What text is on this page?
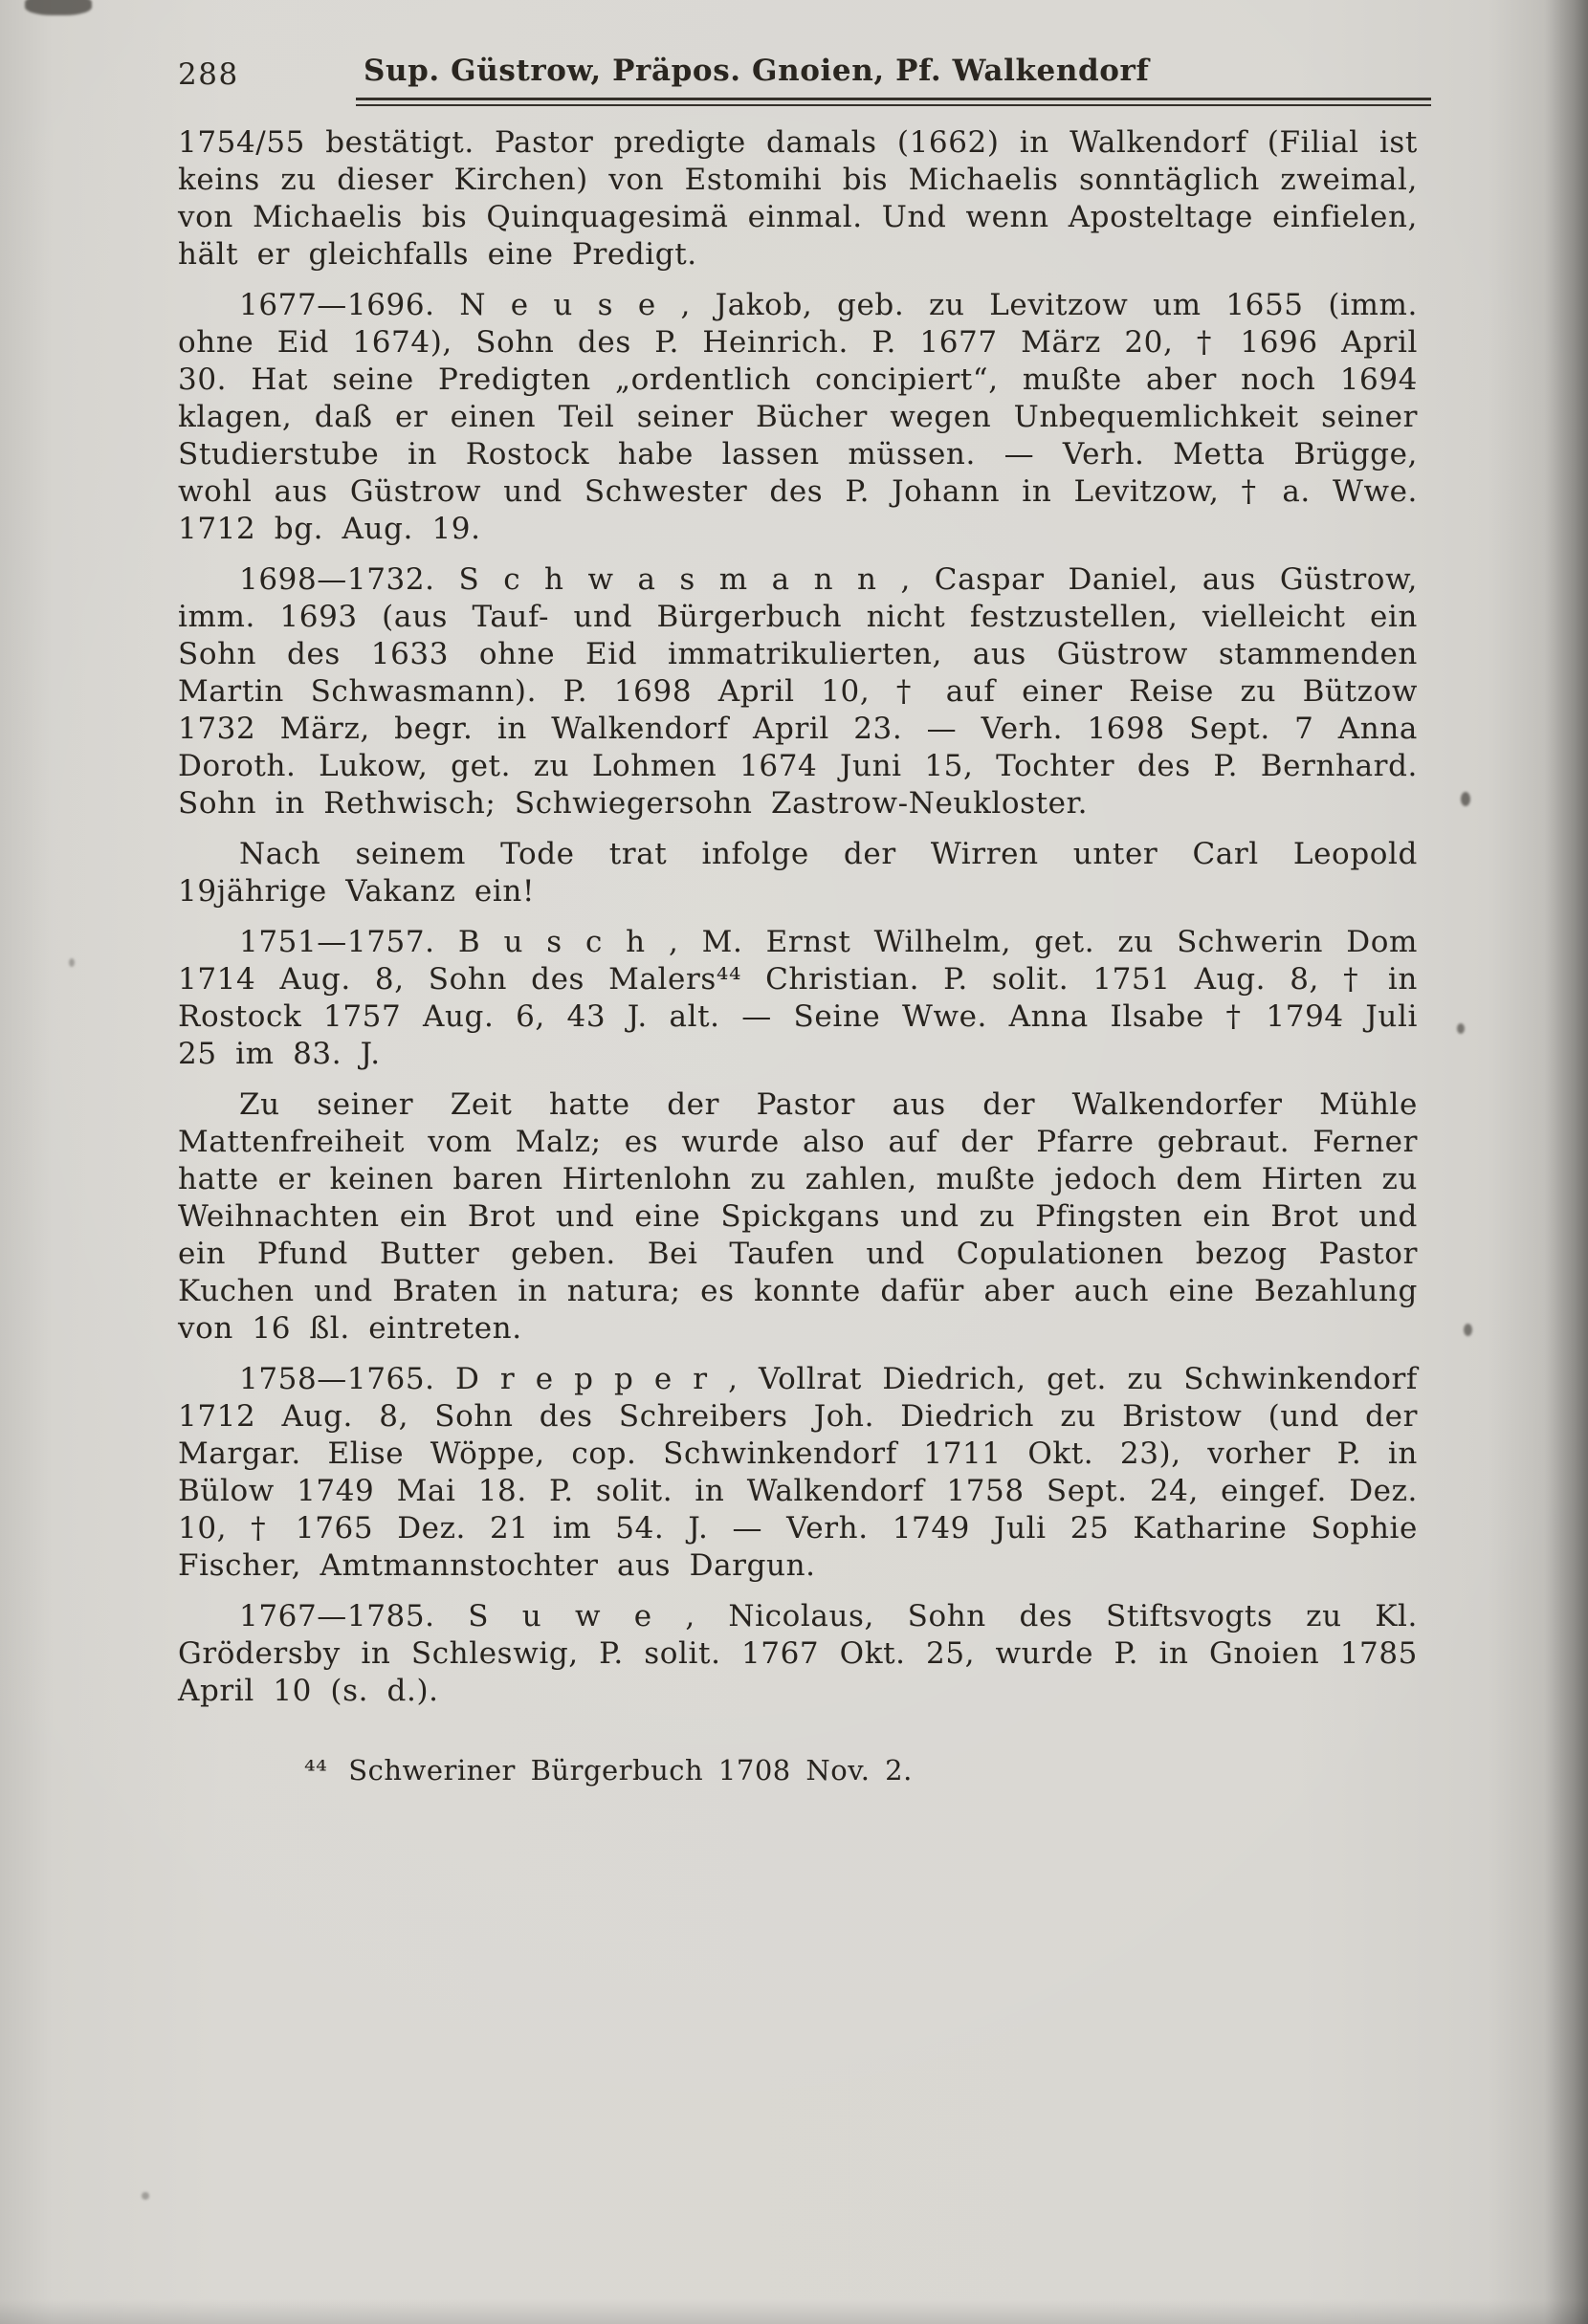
288	Sup. Güstrow, Präpos. Gnoien, Pf. Walkendorf

1754/55 bestätigt. Pastor predigte damals (1662) in Walkendorf (Filial ist keins zu dieser Kirchen) von Estomihi bis Michaelis sonntäglich zweimal, von Michaelis bis Quinquagesimä einmal. Und wenn Aposteltage einfielen, hält er gleichfalls eine Predigt.

1677—1696. N e u s e , Jakob, geb. zu Levitzow um 1655 (imm. ohne Eid 1674), Sohn des P. Heinrich. P. 1677 März 20, † 1696 April 30. Hat seine Predigten „ordentlich concipiert“, mußte aber noch 1694 klagen, daß er einen Teil seiner Bücher wegen Unbequemlichkeit seiner Studierstube in Rostock habe lassen müssen. — Verh. Metta Brügge, wohl aus Güstrow und Schwester des P. Johann in Levitzow, † a. Wwe. 1712 bg. Aug. 19.

1698—1732. S c h w a s m a n n , Caspar Daniel, aus Güstrow, imm. 1693 (aus Tauf- und Bürgerbuch nicht festzustellen, vielleicht ein Sohn des 1633 ohne Eid immatrikulierten, aus Güstrow stammenden Martin Schwasmann). P. 1698 April 10, † auf einer Reise zu Bützow 1732 März, begr. in Walkendorf April 23. — Verh. 1698 Sept. 7 Anna Doroth. Lukow, get. zu Lohmen 1674 Juni 15, Tochter des P. Bernhard. Sohn in Rethwisch; Schwiegersohn Zastrow-Neukloster.

Nach seinem Tode trat infolge der Wirren unter Carl Leopold 19jährige Vakanz ein!

1751—1757. B u s c h , M. Ernst Wilhelm, get. zu Schwerin Dom 1714 Aug. 8, Sohn des Malers⁴⁴ Christian. P. solit. 1751 Aug. 8, † in Rostock 1757 Aug. 6, 43 J. alt. — Seine Wwe. Anna Ilsabe † 1794 Juli 25 im 83. J.

Zu seiner Zeit hatte der Pastor aus der Walkendorfer Mühle Mattenfreiheit vom Malz; es wurde also auf der Pfarre gebraut. Ferner hatte er keinen baren Hirtenlohn zu zahlen, mußte jedoch dem Hirten zu Weihnachten ein Brot und eine Spickgans und zu Pfingsten ein Brot und ein Pfund Butter geben. Bei Taufen und Copulationen bezog Pastor Kuchen und Braten in natura; es konnte dafür aber auch eine Bezahlung von 16 ßl. eintreten.

1758—1765. D r e p p e r , Vollrat Diedrich, get. zu Schwinkendorf 1712 Aug. 8, Sohn des Schreibers Joh. Diedrich zu Bristow (und der Margar. Elise Wöppe, cop. Schwinkendorf 1711 Okt. 23), vorher P. in Bülow 1749 Mai 18. P. solit. in Walkendorf 1758 Sept. 24, eingef. Dez. 10, † 1765 Dez. 21 im 54. J. — Verh. 1749 Juli 25 Katharine Sophie Fischer, Amtmannstochter aus Dargun.

1767—1785. S u w e , Nicolaus, Sohn des Stiftsvogts zu Kl. Grödersby in Schleswig, P. solit. 1767 Okt. 25, wurde P. in Gnoien 1785 April 10 (s. d.).

⁴⁴ Schweriner Bürgerbuch 1708 Nov. 2.
